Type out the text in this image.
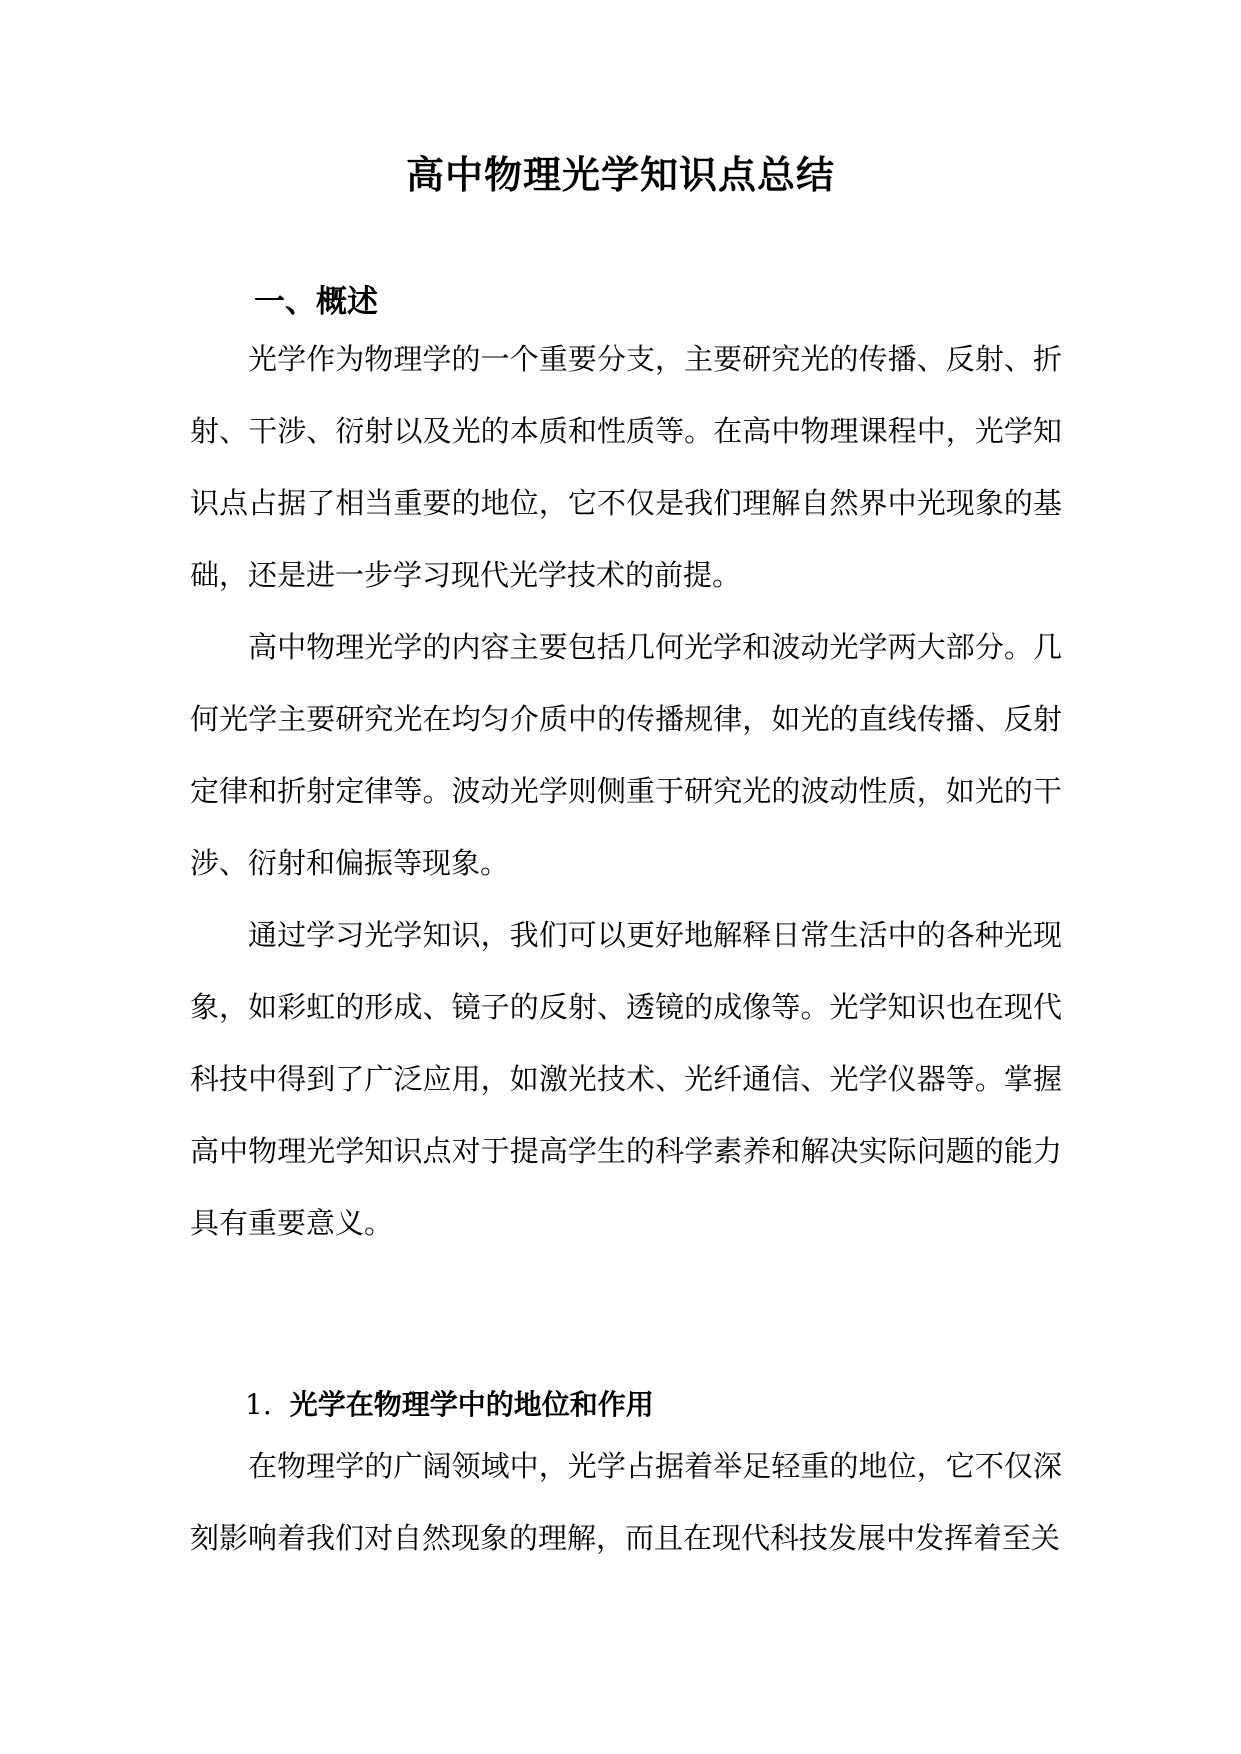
高中物理光学知识点总结
一、概述

光学作为物理学的一个重要分支，主要研究光的传播、反射、折射、干涉、衍射以及光的本质和性质等。在高中物理课程中，光学知识点占据了相当重要的地位，它不仅是我们理解自然界中光现象的基础，还是进一步学习现代光学技术的前提。

高中物理光学的内容主要包括几何光学和波动光学两大部分。几何光学主要研究光在均匀介质中的传播规律，如光的直线传播、反射定律和折射定律等。波动光学则侧重于研究光的波动性质，如光的干涉、衍射和偏振等现象。

通过学习光学知识，我们可以更好地解释日常生活中的各种光现象，如彩虹的形成、镜子的反射、透镜的成像等。光学知识也在现代科技中得到了广泛应用，如激光技术、光纤通信、光学仪器等。掌握高中物理光学知识点对于提高学生的科学素养和解决实际问题的能力具有重要意义。

1. 光学在物理学中的地位和作用

在物理学的广阔领域中，光学占据着举足轻重的地位，它不仅深刻影响着我们对自然现象的理解，而且在现代科技发展中发挥着至关
